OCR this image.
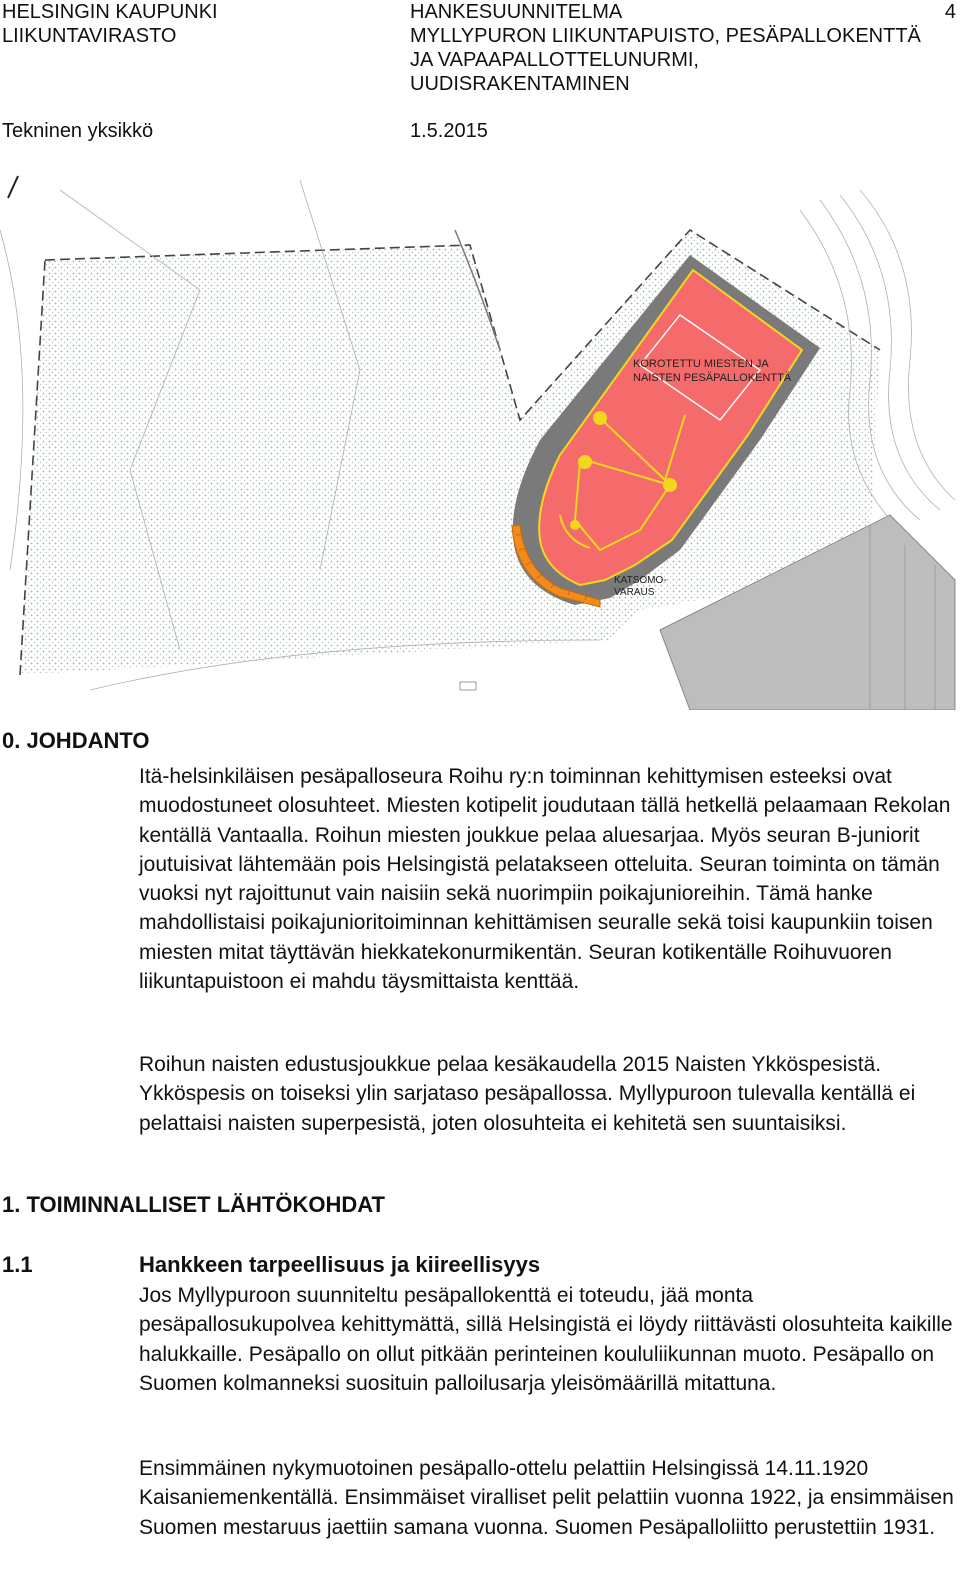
HELSINGIN KAUPUNKI
LIIKUNTAVIRASTO
HANKESUUNNITELMA
MYLLYPURON LIIKUNTAPUISTO, PESÄPALLOKENTTÄ
JA VAPAAPALLOTTELUNURMI,
UUDISRAKENTAMINEN
4
Tekninen yksikkö	1.5.2015
KOROTETTU MIESTEN JA
NAISTEN PESÄPALLOKENTTÄ
KATSOMO-
VARAUS
0. JOHDANTO
Itä-helsinkiläisen pesäpalloseura Roihu ry:n toiminnan kehittymisen esteeksi ovat muodostuneet olosuhteet. Miesten kotipelit joudutaan tällä hetkellä pelaamaan Rekolan kentällä Vantaalla. Roihun miesten joukkue pelaa aluesarjaa. Myös seuran B-juniorit joutuisivat lähtemään pois Helsingistä pelatakseen otteluita. Seuran toiminta on tämän vuoksi nyt rajoittunut vain naisiin sekä nuorimpiin poikajunioreihin. Tämä hanke mahdollistaisi poikajunioritoiminnan kehittämisen seuralle sekä toisi kaupunkiin toisen miesten mitat täyttävän hiekkatekonurmikentän. Seuran kotikentälle Roihuvuoren liikuntapuistoon ei mahdu täysmittaista kenttää.
Roihun naisten edustusjoukkue pelaa kesäkaudella 2015 Naisten Ykköspesistä. Ykköspesis on toiseksi ylin sarjataso pesäpallossa. Myllypuroon tulevalla kentällä ei pelattaisi naisten superpesistä, joten olosuhteita ei kehitetä sen suuntaisiksi.
1. TOIMINNALLISET LÄHTÖKOHDAT
1.1	Hankkeen tarpeellisuus ja kiireellisyys
Jos Myllypuroon suunniteltu pesäpallokenttä ei toteudu, jää monta pesäpallosukupolvea kehittymättä, sillä Helsingistä ei löydy riittävästi olosuhteita kaikille halukkaille. Pesäpallo on ollut pitkään perinteinen koululiikunnan muoto. Pesäpallo on Suomen kolmanneksi suosituin palloilusarja yleisömäärillä mitattuna.
Ensimmäinen nykymuotoinen pesäpallo-ottelu pelattiin Helsingissä 14.11.1920 Kaisaniemenkentällä. Ensimmäiset viralliset pelit pelattiin vuonna 1922, ja ensimmäisen Suomen mestaruus jaettiin samana vuonna. Suomen Pesäpalloliitto perustettiin 1931.
